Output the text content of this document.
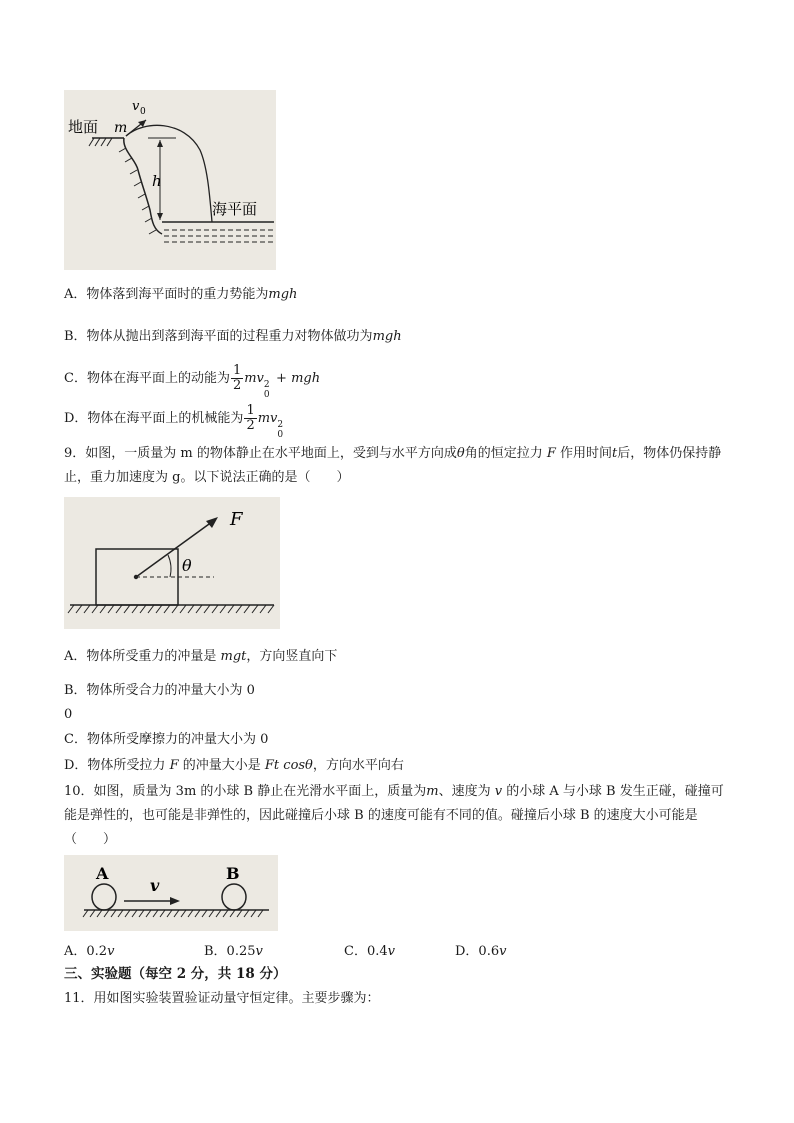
地面 m
v 0
h
海平面
A．物体落到海平面时的重力势能为mgh
B．物体从抛出到落到海平面的过程重力对物体做功为mgh
C．物体在海平面上的动能为 $\frac{1}{2}$ mv 2
0
+ mgh
D．物体在海平面上的机械能为 $\frac{1}{2}$ mv 2
0
9．如图，一质量为 m 的物体静止在水平地面上，受到与水平方向成θ角的恒定拉力 F 作用时间t后，物体仍保持静止，重力加速度为 g。以下说法正确的是（　　）
F
θ
A．物体所受重力的冲量是 mgt，方向竖直向下
B．物体所受合力的冲量大小为 0
0
C．物体所受摩擦力的冲量大小为 0
D．物体所受拉力 F 的冲量大小是 Ft cosθ，方向水平向右
10．如图，质量为 3m 的小球 B 静止在光滑水平面上，质量为m、速度为 v 的小球 A 与小球 B 发生正碰，碰撞可能是弹性的，也可能是非弹性的，因此碰撞后小球 B 的速度可能有不同的值。碰撞后小球 B 的速度大小可能是（　　）
A	B
v
A．0.2v	B．0.25v	C．0.4v	D．0.6v
三、实验题（每空 2 分，共 18 分）
11．用如图实验装置验证动量守恒定律。主要步骤为：
